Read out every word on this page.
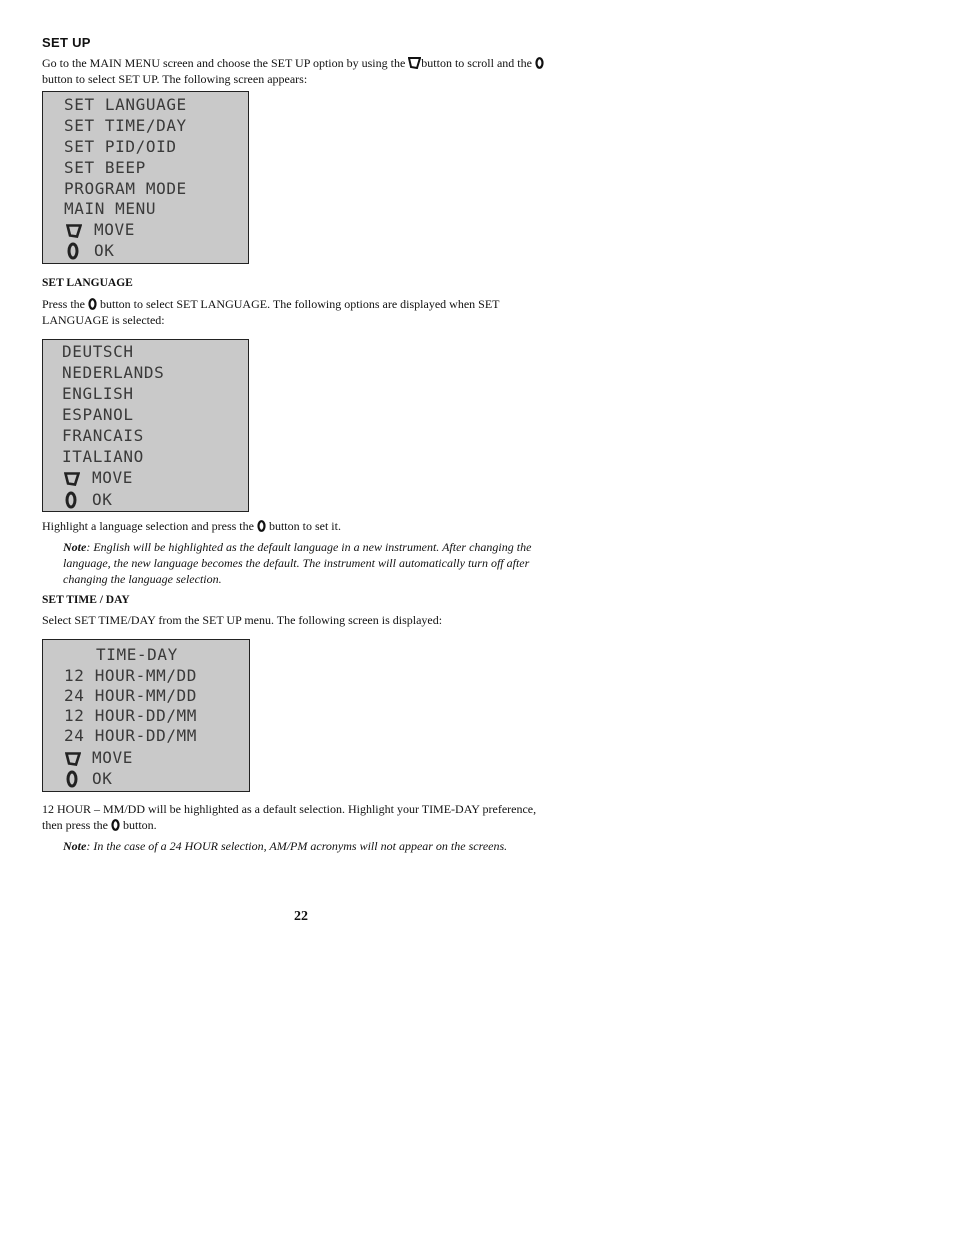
SET UP
Go to the MAIN MENU screen and choose the SET UP option by using the button to scroll and the  button to select SET UP. The following screen appears:
SET LANGUAGE
SET TIME/DAY
SET PID/OID
SET BEEP
PROGRAM MODE
MAIN MENU
MOVE
OK
SET LANGUAGE
Press the button to select SET LANGUAGE. The following options are displayed when SET LANGUAGE is selected:
DEUTSCH
NEDERLANDS
ENGLISH
ESPANOL
FRANCAIS
ITALIANO
MOVE
OK
Highlight a language selection and press the button to set it.
Note: English will be highlighted as the default language in a new instrument. After changing the language, the new language becomes the default. The instrument will automatically turn off after changing the language selection.
SET TIME / DAY
Select SET TIME/DAY from the SET UP menu. The following screen is displayed:
TIME-DAY
12 HOUR-MM/DD
24 HOUR-MM/DD
12 HOUR-DD/MM
24 HOUR-DD/MM
MOVE
OK
12 HOUR – MM/DD will be highlighted as a default selection. Highlight your TIME-DAY preference, then press the button.
Note: In the case of a 24 HOUR selection, AM/PM acronyms will not appear on the screens.
22
